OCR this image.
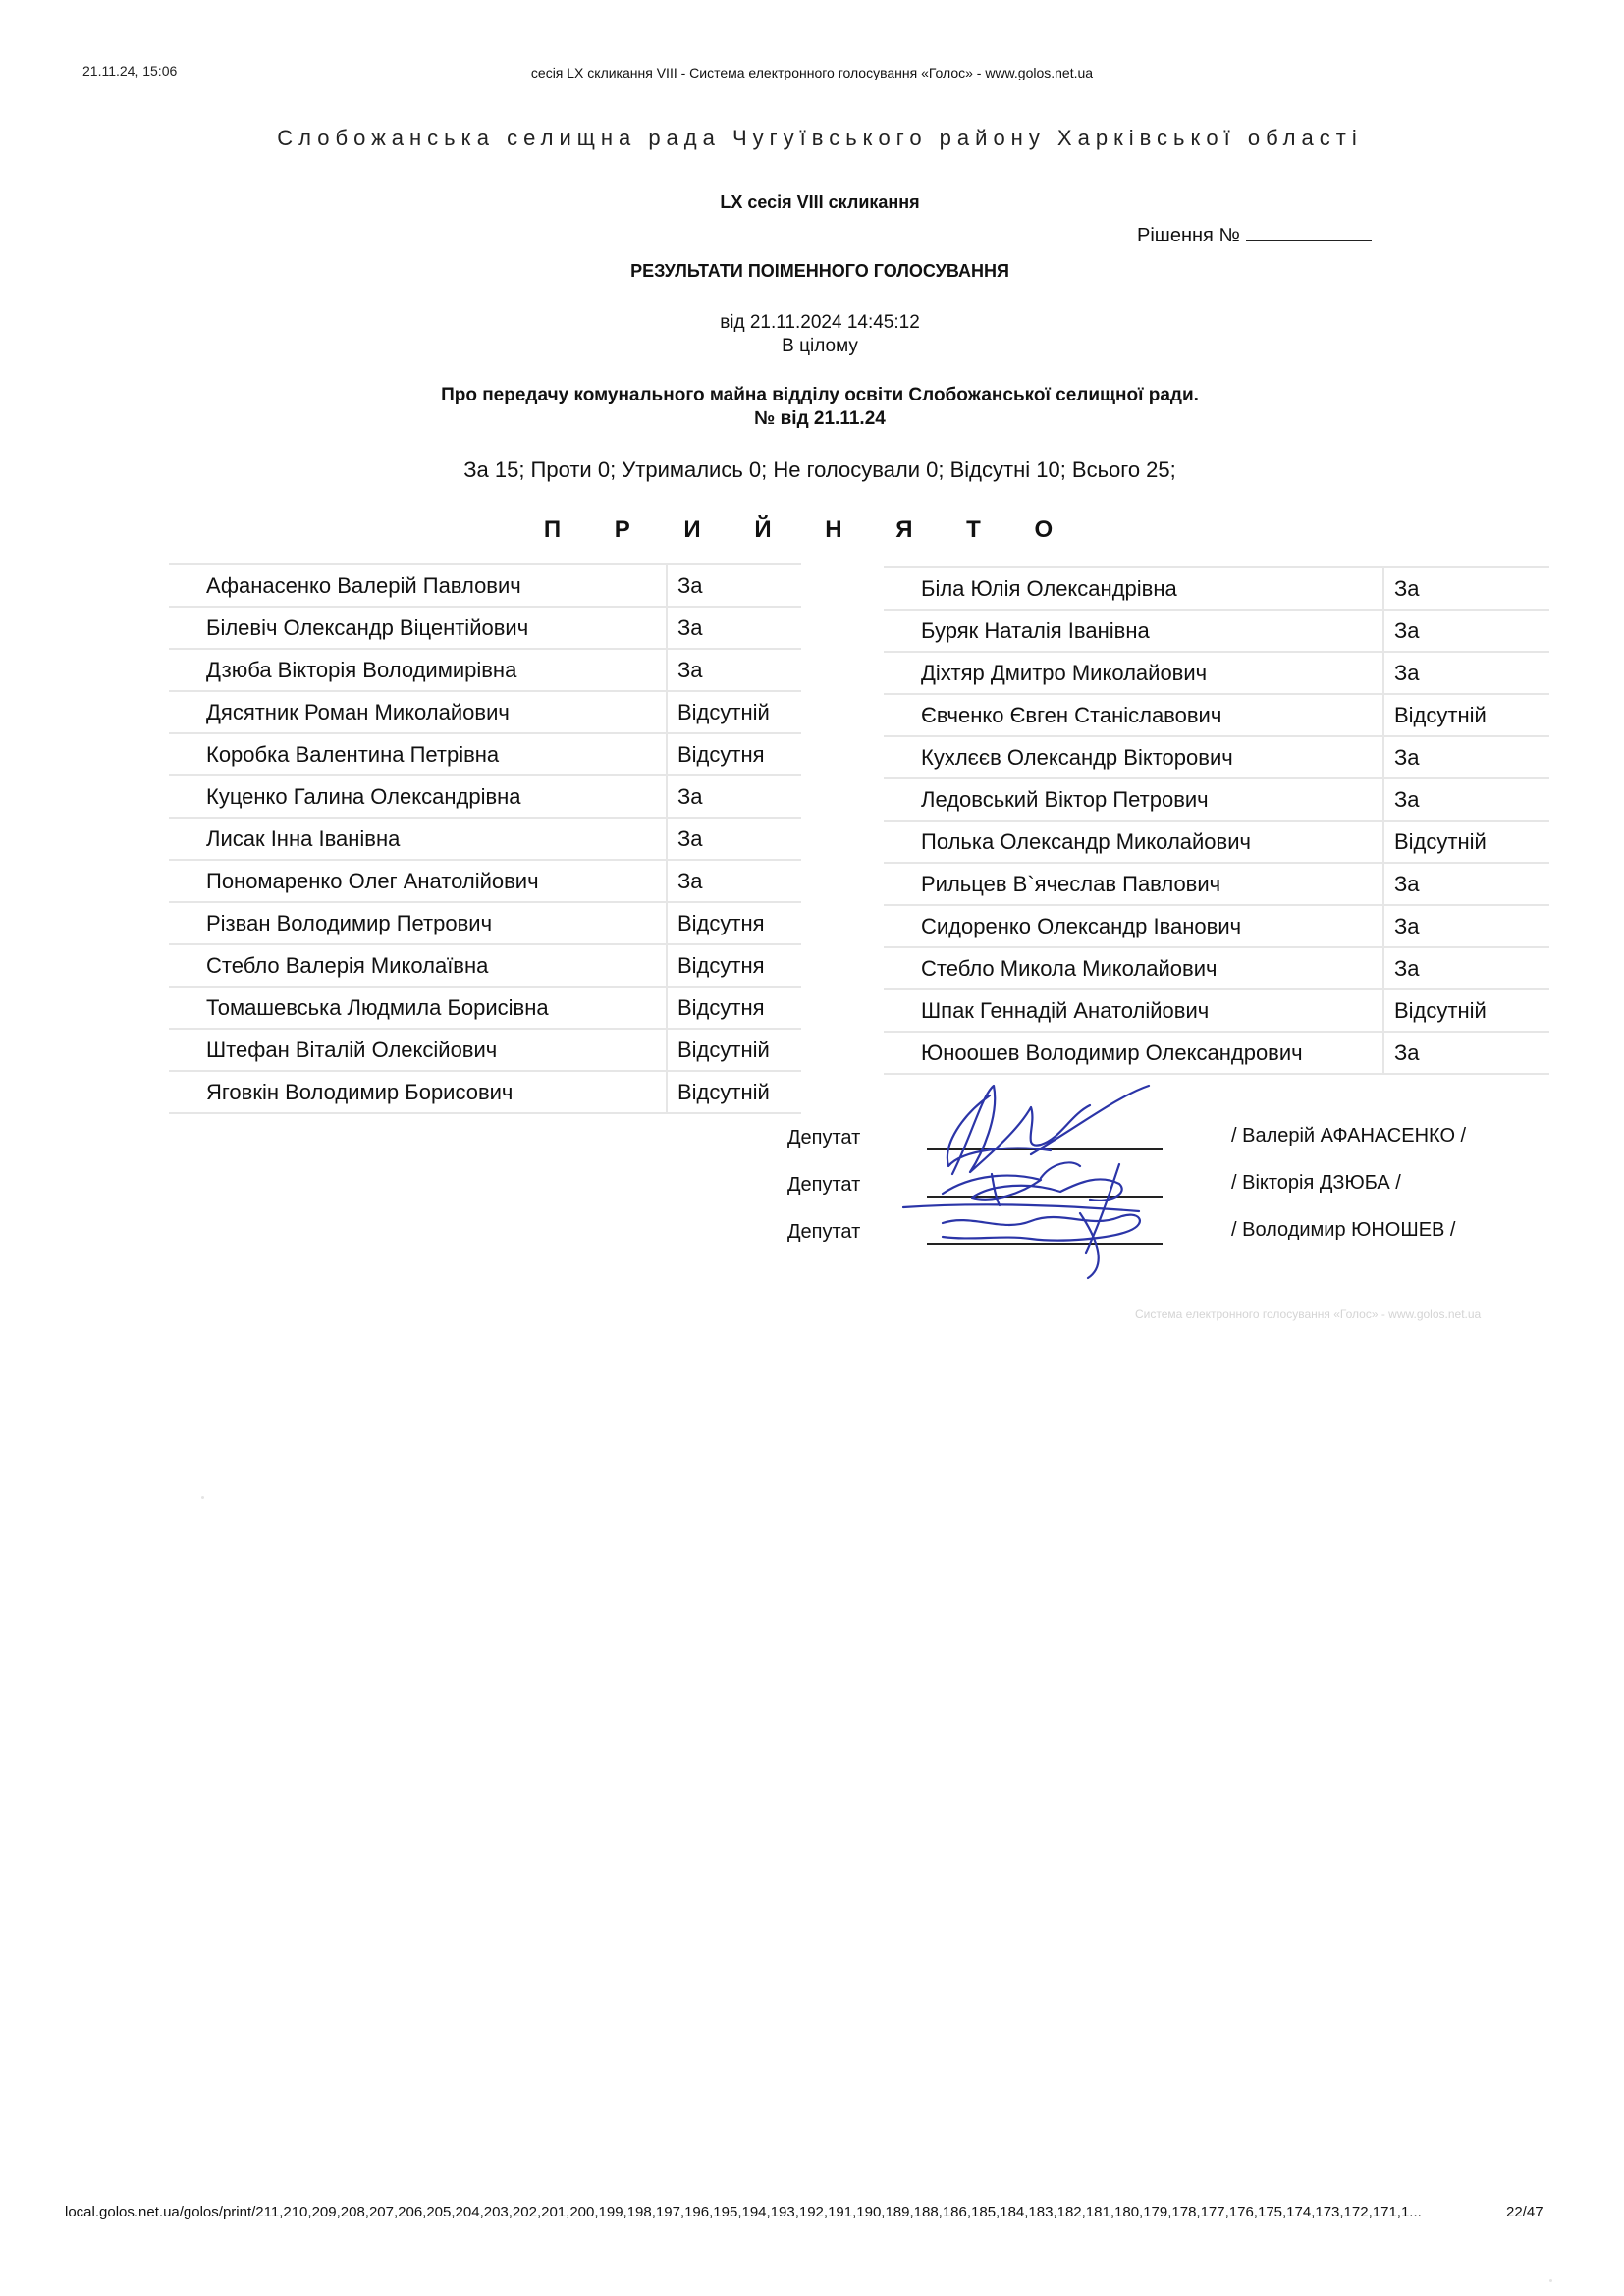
21.11.24, 15:06	сесія LX скликання VIII - Система електронного голосування «Голос» - www.golos.net.ua
Слобожанська селищна рада Чугуївського району Харківської області
LX сесія VIII скликання
Рішення №
РЕЗУЛЬТАТИ ПОІМЕННОГО ГОЛОСУВАННЯ
від 21.11.2024 14:45:12
В цілому
Про передачу комунального майна відділу освіти Слобожанської селищної ради.
№ від 21.11.24
За 15; Проти 0; Утримались 0; Не голосували 0; Відсутні 10; Всього 25;
П Р И Й Н Я Т О
Афанасенко Валерій Павлович	За
Білевіч Олександр Віцентійович	За
Дзюба Вікторія Володимирівна	За
Дясятник Роман Миколайович	Відсутній
Коробка Валентина Петрівна	Відсутня
Куценко Галина Олександрівна	За
Лисак Інна Іванівна	За
Пономаренко Олег Анатолійович	За
Різван Володимир Петрович	Відсутня
Стебло Валерія Миколаївна	Відсутня
Томашевська Людмила Борисівна	Відсутня
Штефан Віталій Олексійович	Відсутній
Яговкін Володимир Борисович	Відсутній
Біла Юлія Олександрівна	За
Буряк Наталія Іванівна	За
Діхтяр Дмитро Миколайович	За
Євченко Євген Станіславович	Відсутній
Кухлєєв Олександр Вікторович	За
Ледовський Віктор Петрович	За
Полька Олександр Миколайович	Відсутній
Рильцев В`ячеслав Павлович	За
Сидоренко Олександр Іванович	За
Стебло Микола Миколайович	За
Шпак Геннадій Анатолійович	Відсутній
Юноошев Володимир Олександрович	За
Депутат	/ Валерій АФАНАСЕНКО /
Депутат	/ Вікторія ДЗЮБА /
Депутат	/ Володимир ЮНОШЕВ /
Система електронного голосування «Голос» - www.golos.net.ua
local.golos.net.ua/golos/print/211,210,209,208,207,206,205,204,203,202,201,200,199,198,197,196,195,194,193,192,191,190,189,188,186,185,184,183,182,181,180,179,178,177,176,175,174,173,172,171,1...	22/47
